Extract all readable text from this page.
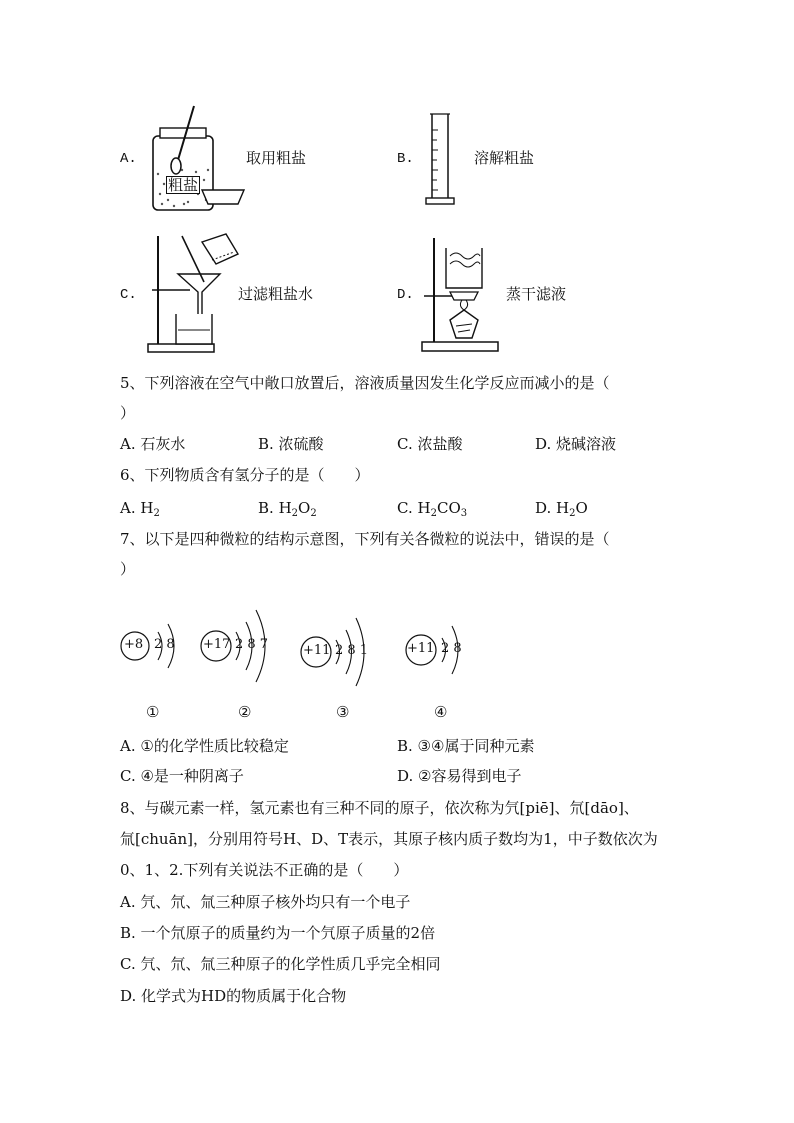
A.
粗盐
取用粗盐	B.	溶解粗盐
C.	过滤粗盐水	D.	蒸干滤液
5、下列溶液在空气中敞口放置后，溶液质量因发生化学反应而减小的是（
）
A. 石灰水	B. 浓硫酸	C. 浓盐酸	D. 烧碱溶液
6、下列物质含有氢分子的是（　　）
A. $H_2$	B. $H_2O_2$	C. $H_2CO_3$	D. $H_2O$
7、以下是四种微粒的结构示意图，下列有关各微粒的说法中，错误的是（
）
+8 2 8
①
+17 2 8 7
②
+11 2 8 1
③
+11 2 8
④
A. ①的化学性质比较稳定	B. ③④属于同种元素
C. ④是一种阴离子	D. ②容易得到电子
8、与碳元素一样，氢元素也有三种不同的原子，依次称为氕[piē]、氘[dāo]、
氚[chuān]，分别用符号H、D、T表示，其原子核内质子数均为1，中子数依次为
0、1、2.下列有关说法不正确的是（　　）
A. 氕、氘、氚三种原子核外均只有一个电子
B. 一个氘原子的质量约为一个氕原子质量的2倍
C. 氕、氘、氚三种原子的化学性质几乎完全相同
D. 化学式为HD的物质属于化合物
